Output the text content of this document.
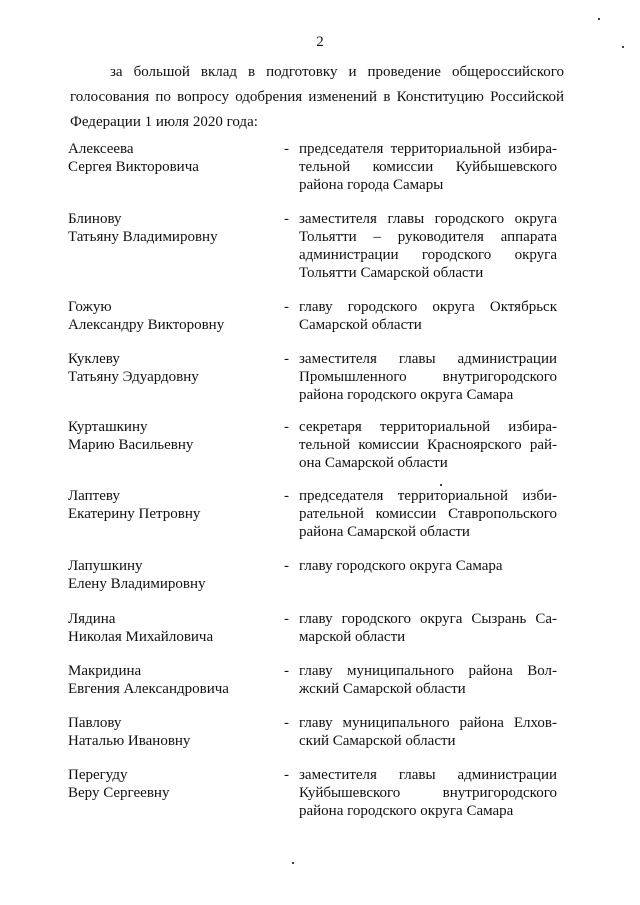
2

за большой вклад в подготовку и проведение общероссийского

голосования по вопросу одобрения изменений в Конституцию Российской

Федерации 1 июля 2020 года:

Алексеева
Сергея Викторовича
- председателя территориальной избира-
тельной комиссии Куйбышевского
района города Самары
Блинову
Татьяну Владимировну
- заместителя главы городского округа
Тольятти – руководителя аппарата
администрации городского округа
Тольятти Самарской области
Гожую
Александру Викторовну
- главу городского округа Октябрьск
Самарской области
Куклеву
Татьяну Эдуардовну
- заместителя главы администрации
Промышленного внутригородского
района городского округа Самара
Курташкину
Марию Васильевну
- секретаря территориальной избира-
тельной комиссии Красноярского рай-
она Самарской области
Лаптеву
Екатерину Петровну
- председателя территориальной изби-
рательной комиссии Ставропольского
района Самарской области
Лапушкину
Елену Владимировну
- главу городского округа Самара
Лядина
Николая Михайловича
- главу городского округа Сызрань Са-
марской области
Макридина
Евгения Александровича
- главу муниципального района Вол-
жский Самарской области
Павлову
Наталью Ивановну
- главу муниципального района Елхов-
ский Самарской области
Перегуду
Веру Сергеевну
- заместителя главы администрации
Куйбышевского внутригородского
района городского округа Самара
